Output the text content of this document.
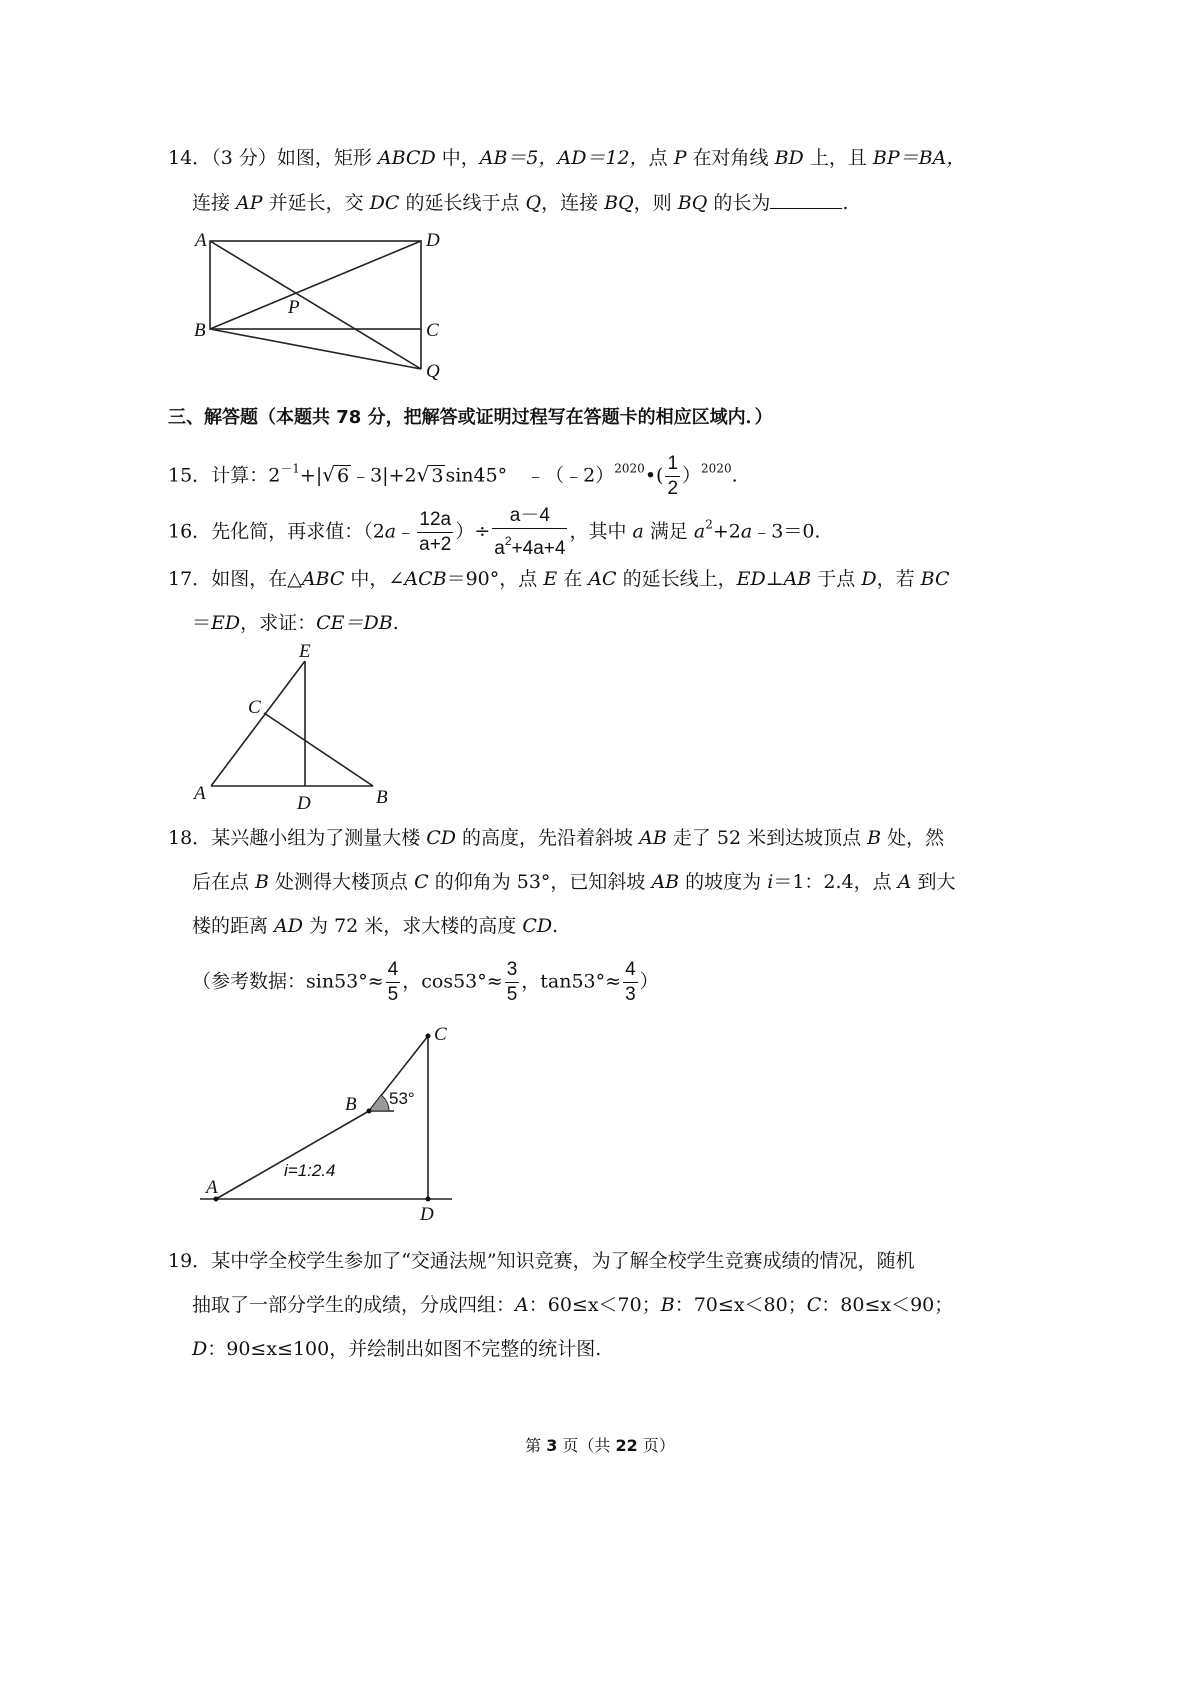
14．（3 分）如图，矩形 ABCD 中，AB＝5，AD＝12，点 P 在对角线 BD 上，且 BP＝BA，
连接 AP 并延长，交 DC 的延长线于点 Q，连接 BQ，则 BQ 的长为	.
A	D
P
B	C
Q
三、解答题（本题共 78 分，把解答或证明过程写在答题卡的相应区域内．）
15．计算：$2^{-1}+|√$ 6 ﹣3|+2√ 3 sin45°　﹣（﹣2）$^{2020}$•( $\frac{1}{2} )^{2020}$.
16．先化简，再求值：（2a﹣ $\frac{12a}{a+2}$ ）÷ $\frac{a-4}{a^2+4a+4}$ ，其中 a 满足 $a^2+2a﹣3=0$.
17．如图，在△ABC 中，∠ACB＝90°，点 E 在 AC 的延长线上，ED⊥AB 于点 D，若 BC
＝ED，求证：CE＝DB.
E
C
A	D	B
18．某兴趣小组为了测量大楼 CD 的高度，先沿着斜坡 AB 走了 52 米到达坡顶点 B 处，然
后在点 B 处测得大楼顶点 C 的仰角为 53°，已知斜坡 AB 的坡度为 i＝1：2.4，点 A 到大
楼的距离 AD 为 72 米，求大楼的高度 CD.
（参考数据：$\sin 53^\circ\approx \frac{4}{5}$ ，$\cos 53^\circ\approx \frac{3}{5}$ ，$\tan 53^\circ\approx \frac{4}{3}$ ）
C
B 53°
i=1:2.4
A
D
19．某中学全校学生参加了“交通法规”知识竞赛，为了解全校学生竞赛成绩的情况，随机
抽取了一部分学生的成绩，分成四组：A：60≤x＜70；B：70≤x＜80；C：80≤x＜90；
D：90≤x≤100，并绘制出如图不完整的统计图.
第 3 页（共 22 页）
